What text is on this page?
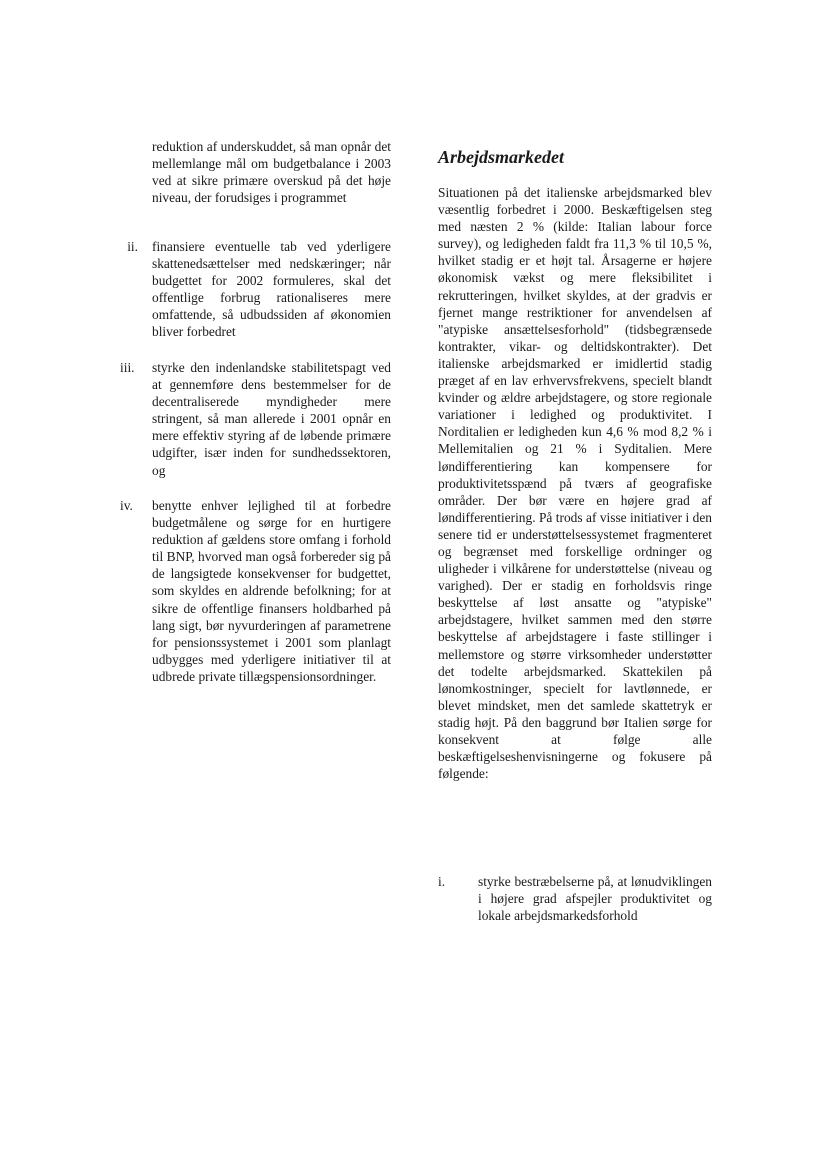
reduktion af underskuddet, så man opnår det mellemlange mål om budgetbalance i 2003 ved at sikre primære overskud på det høje niveau, der forudsiges i programmet
ii. finansiere eventuelle tab ved yderligere skattenedsættelser med nedskæringer; når budgettet for 2002 formuleres, skal det offentlige forbrug rationaliseres mere omfattende, så udbudssiden af økonomien bliver forbedret
iii.	styrke den indenlandske stabilitetspagt ved at gennemføre dens bestemmelser for de decentraliserede myndigheder mere stringent, så man allerede i 2001 opnår en mere effektiv styring af de løbende primære udgifter, især inden for sundhedssektoren, og
iv.	benytte enhver lejlighed til at forbedre budgetmålene og sørge for en hurtigere reduktion af gældens store omfang i forhold til BNP, hvorved man også forbereder sig på de langsigtede konsekvenser for budgettet, som skyldes en aldrende befolkning; for at sikre de offentlige finansers holdbarhed på lang sigt, bør nyvurderingen af parametrene for pensionssystemet i 2001 som planlagt udbygges med yderligere initiativer til at udbrede private tillægspensionsordninger.
Arbejdsmarkedet

Situationen på det italienske arbejdsmarked blev væsentlig forbedret i 2000. Beskæftigelsen steg med næsten 2 % (kilde: Italian labour force survey), og ledigheden faldt fra 11,3 % til 10,5 %, hvilket stadig er et højt tal. Årsagerne er højere økonomisk vækst og mere fleksibilitet i rekrutteringen, hvilket skyldes, at der gradvis er fjernet mange restriktioner for anvendelsen af "atypiske ansættelsesforhold" (tidsbegrænsede kontrakter, vikar- og deltidskontrakter). Det italienske arbejdsmarked er imidlertid stadig præget af en lav erhvervsfrekvens, specielt blandt kvinder og ældre arbejdstagere, og store regionale variationer i ledighed og produktivitet. I Norditalien er ledigheden kun 4,6 % mod 8,2 % i Mellemitalien og 21 % i Syditalien. Mere løndifferentiering kan kompensere for produktivitetsspænd på tværs af geografiske områder. Der bør være en højere grad af løndifferentiering. På trods af visse initiativer i den senere tid er understøttelsessystemet fragmenteret og begrænset med forskellige ordninger og uligheder i vilkårene for understøttelse (niveau og varighed). Der er stadig en forholdsvis ringe beskyttelse af løst ansatte og "atypiske" arbejdstagere, hvilket sammen med den større beskyttelse af arbejdstagere i faste stillinger i mellemstore og større virksomheder understøtter det todelte arbejdsmarked. Skattekilen på lønomkostninger, specielt for lavtlønnede, er blevet mindsket, men det samlede skattetryk er stadig højt. På den baggrund bør Italien sørge for konsekvent at følge alle beskæftigelseshenvisningerne og fokusere på følgende:

i.	styrke bestræbelserne på, at lønudviklingen i højere grad afspejler produktivitet og lokale arbejdsmarkedsforhold
